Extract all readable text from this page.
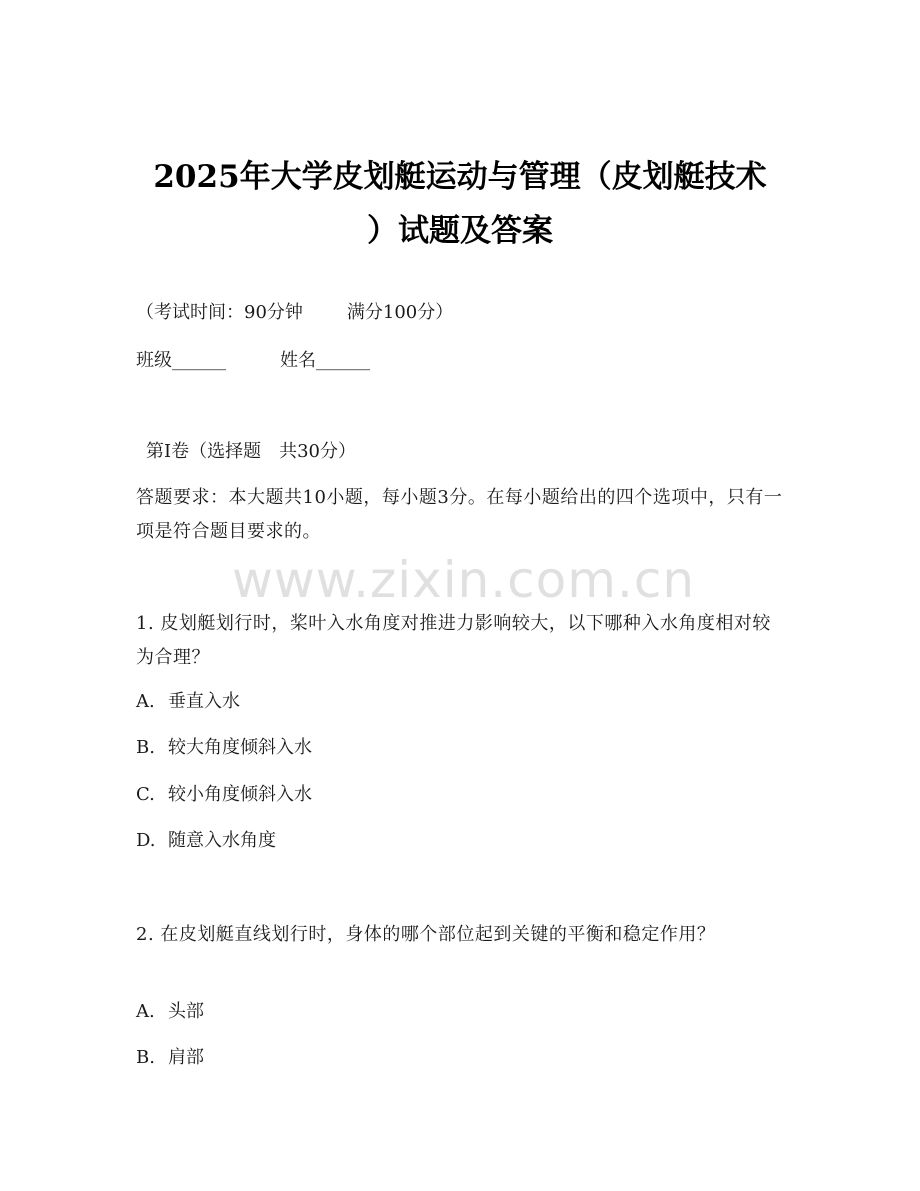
2025年大学皮划艇运动与管理（皮划艇技术
）试题及答案
（考试时间：90分钟 满分100分）
班级______	姓名______
第Ⅰ卷（选择题　共30分）
答题要求：本大题共10小题，每小题3分。在每小题给出的四个选项中，只有一项是符合题目要求的。
www.zixin.com.cn
1. 皮划艇划行时，桨叶入水角度对推进力影响较大，以下哪种入水角度相对较为合理？
A. 垂直入水
B. 较大角度倾斜入水
C. 较小角度倾斜入水
D. 随意入水角度
2. 在皮划艇直线划行时，身体的哪个部位起到关键的平衡和稳定作用？
A. 头部
B. 肩部
